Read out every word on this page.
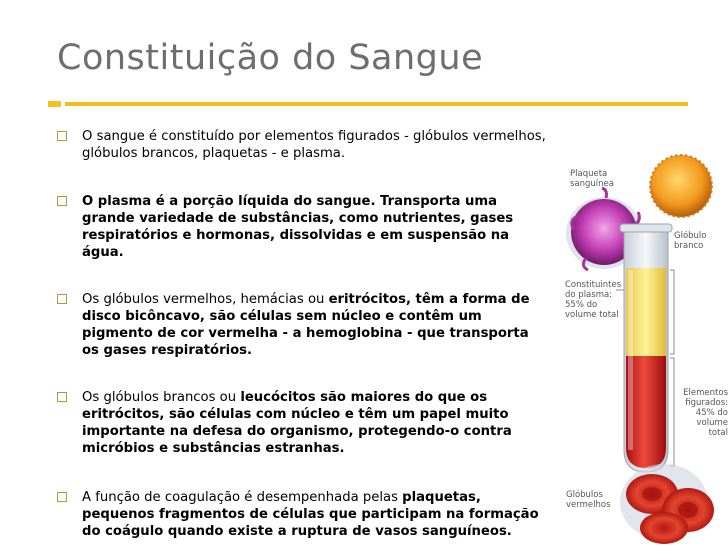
Constituição do Sangue
O sangue é constituído por elementos figurados - glóbulos vermelhos, glóbulos brancos, plaquetas - e plasma.
O plasma é a porção líquida do sangue. Transporta uma grande variedade de substâncias, como nutrientes, gases respiratórios e hormonas, dissolvidas e em suspensão na água.
Os glóbulos vermelhos, hemácias ou eritrócitos, têm a forma de disco bicôncavo, são células sem núcleo e contêm um pigmento de cor vermelha - a hemoglobina - que transporta os gases respiratórios.
Os glóbulos brancos ou leucócitos são maiores do que os eritrócitos, são células com núcleo e têm um papel muito importante na defesa do organismo, protegendo-o contra micróbios e substâncias estranhas.
A função de coagulação é desempenhada pelas plaquetas, pequenos fragmentos de células que participam na formação do coágulo quando existe a ruptura de vasos sanguíneos.
Plaqueta sanguínea
Glóbulo branco
Constituintes do plasma: 55% do volume total
Elementos figurados: 45% do volume total
Glóbulos vermelhos
